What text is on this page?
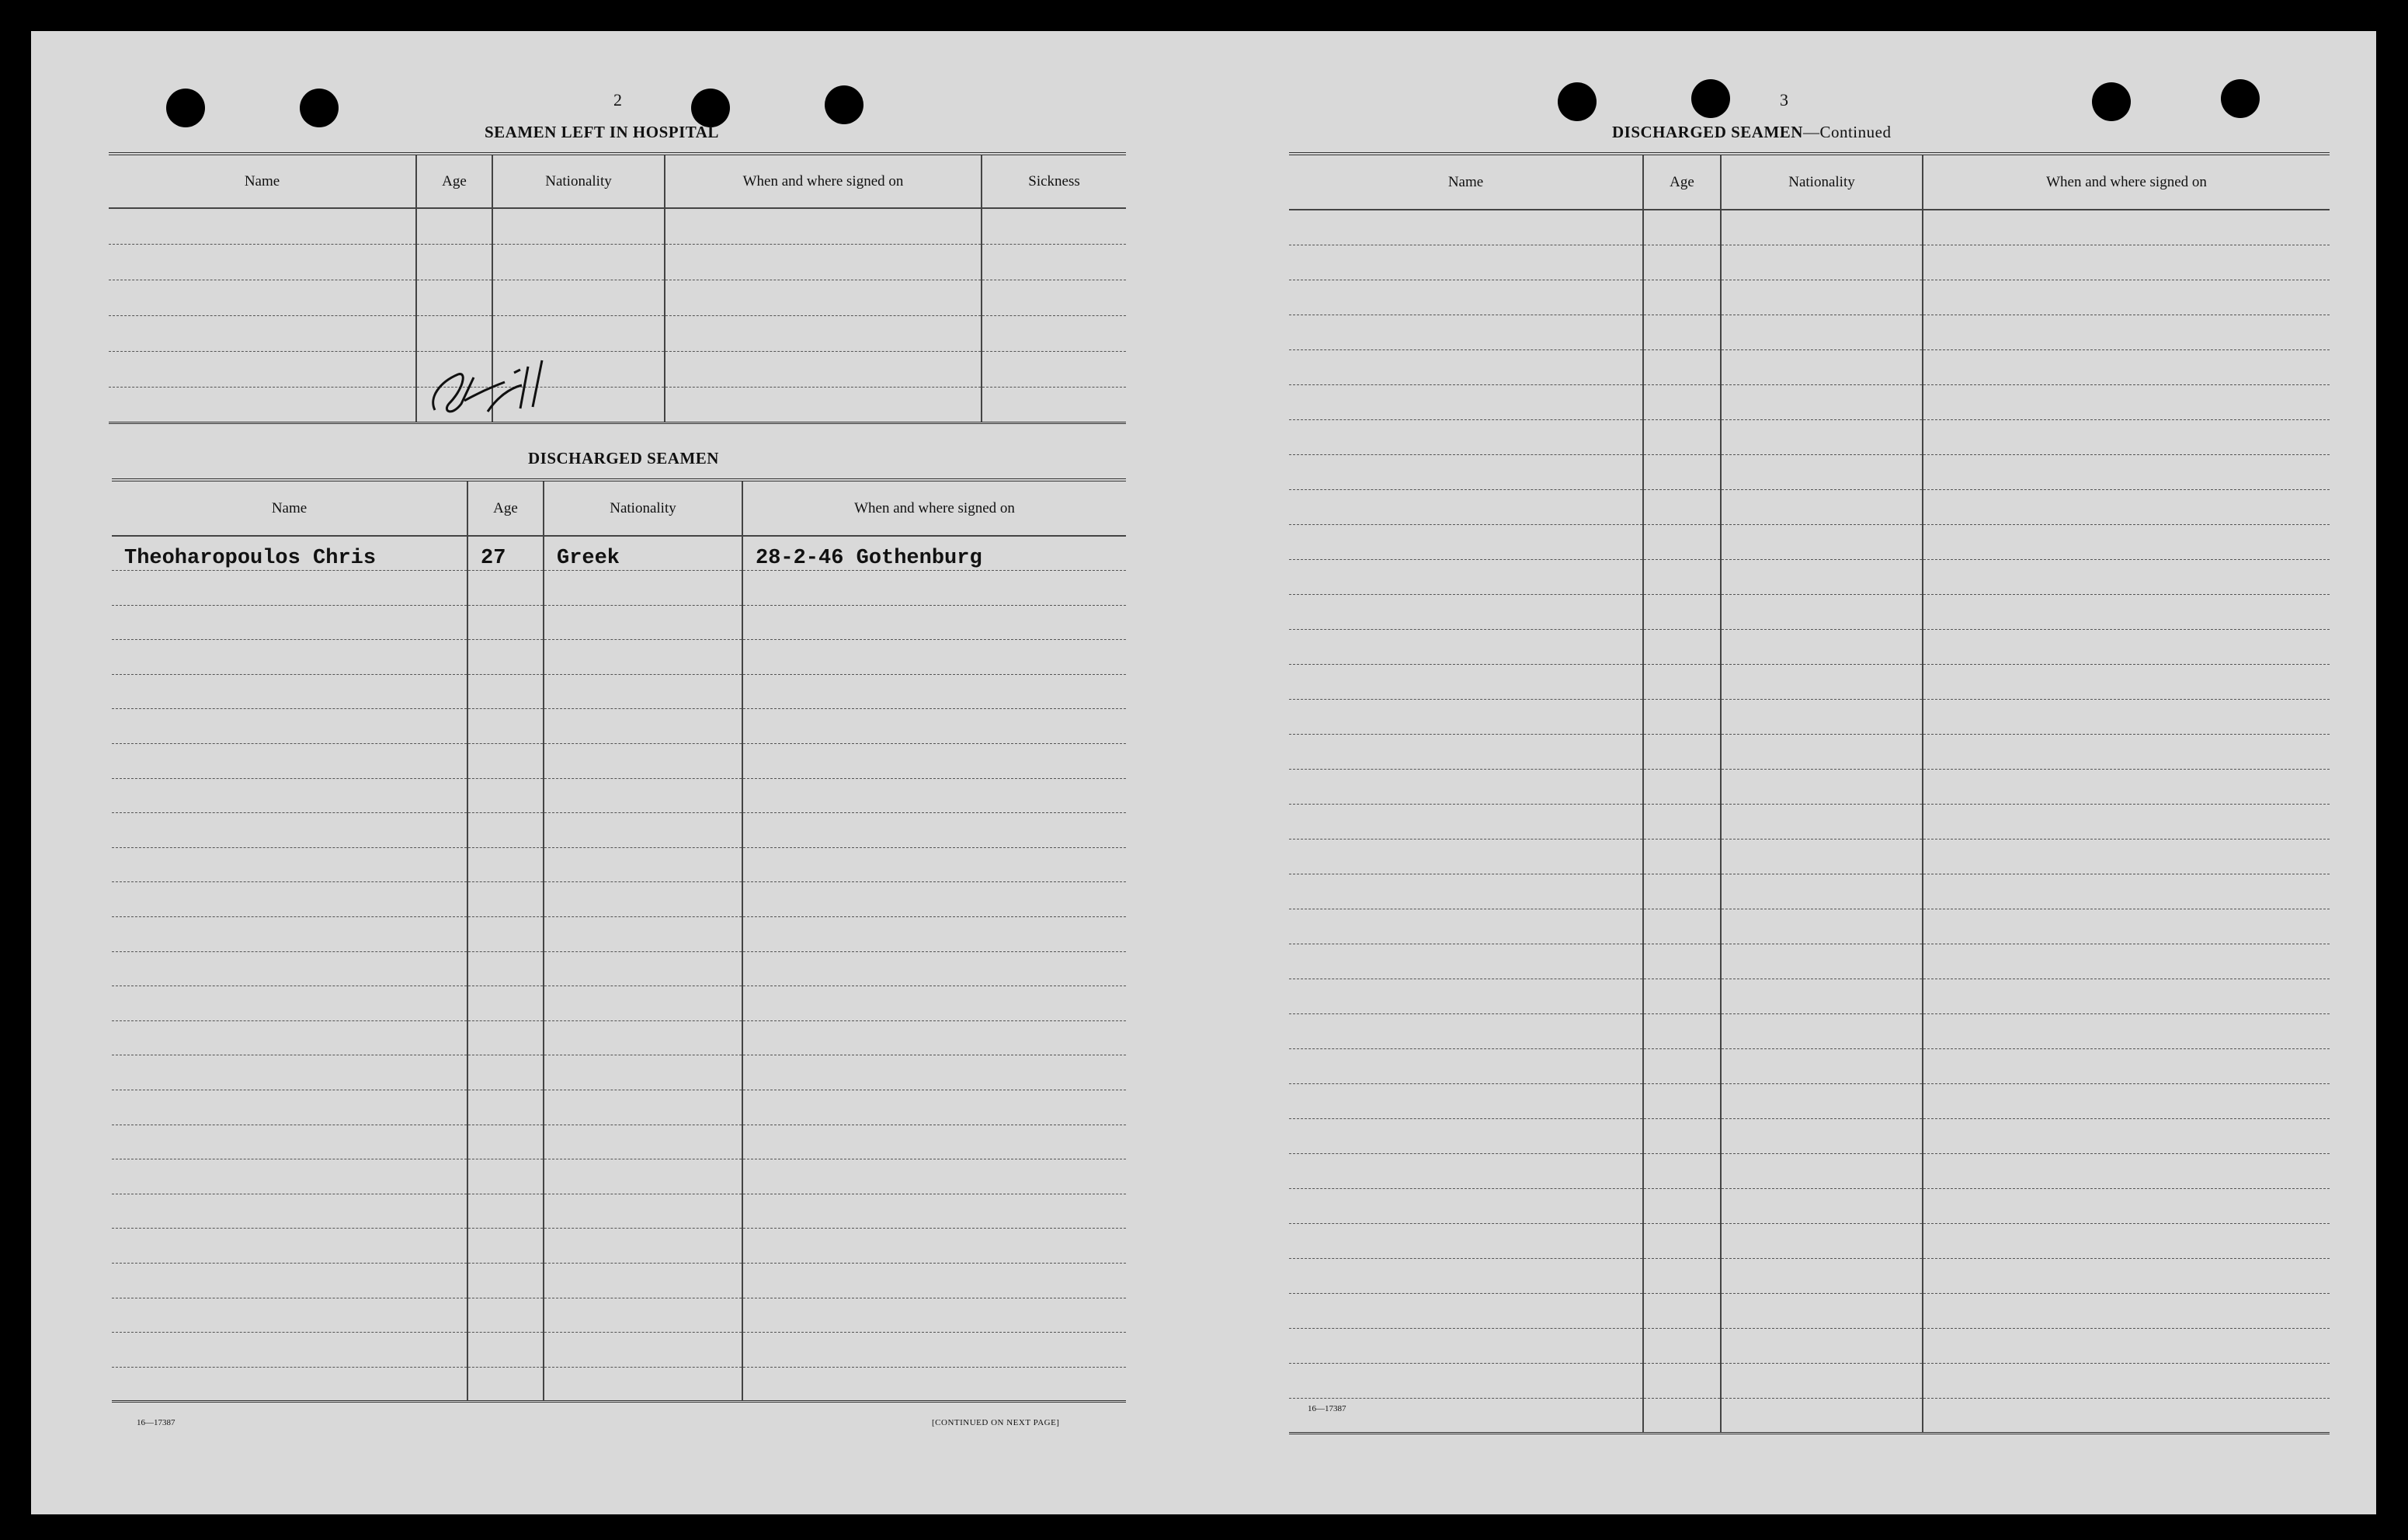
2
SEAMEN LEFT IN HOSPITAL
Name	Age	Nationality	When and where signed on	Sickness

DISCHARGED SEAMEN
Name	Age	Nationality	When and where signed on
Theoharopoulos Chris	27	Greek	28-2-46 Gothenburg

16—17387	[CONTINUED ON NEXT PAGE]
3
DISCHARGED SEAMEN—Continued
Name	Age	Nationality	When and where signed on

16—17387
